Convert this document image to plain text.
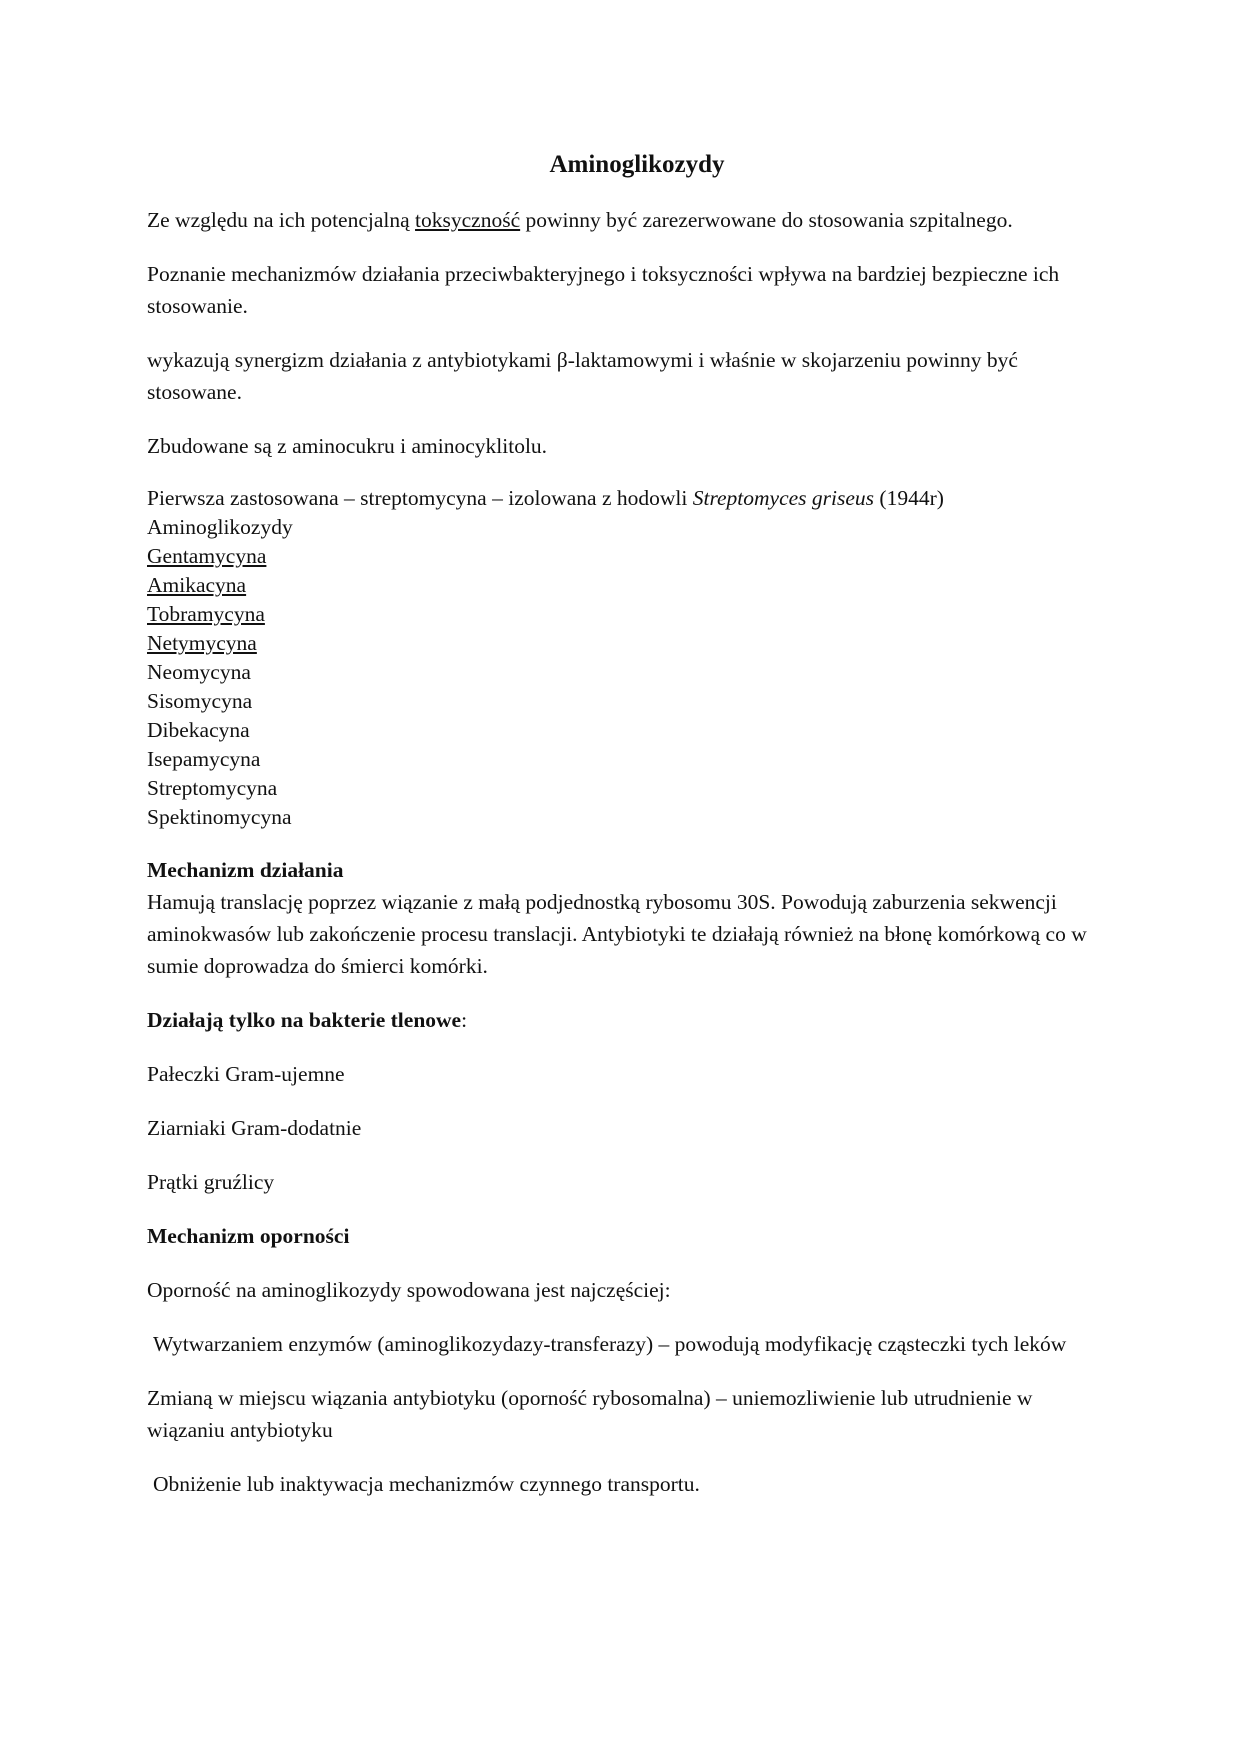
Aminoglikozydy

Ze względu na ich potencjalną toksyczność powinny być zarezerwowane do stosowania szpitalnego.

Poznanie mechanizmów działania przeciwbakteryjnego i toksyczności wpływa na bardziej bezpieczne ich stosowanie.

wykazują synergizm działania z antybiotykami β-laktamowymi i właśnie w skojarzeniu powinny być stosowane.

Zbudowane są z aminocukru i aminocyklitolu.

Pierwsza zastosowana – streptomycyna – izolowana z hodowli Streptomyces griseus (1944r)
Aminoglikozydy
Gentamycyna
Amikacyna
Tobramycyna
Netymycyna
Neomycyna
Sisomycyna
Dibekacyna
Isepamycyna
Streptomycyna
Spektinomycyna
Mechanizm działania

Hamują translację poprzez wiązanie z małą podjednostką rybosomu 30S. Powodują zaburzenia sekwencji aminokwasów lub zakończenie procesu translacji. Antybiotyki te działają również na błonę komórkową co w sumie doprowadza do śmierci komórki.

Działają tylko na bakterie tlenowe:

Pałeczki Gram-ujemne

Ziarniaki Gram-dodatnie

Prątki gruźlicy

Mechanizm oporności

Oporność na aminoglikozydy spowodowana jest najczęściej:

Wytwarzaniem enzymów (aminoglikozydazy-transferazy) – powodują modyfikację cząsteczki tych leków

Zmianą w miejscu wiązania antybiotyku (oporność rybosomalna) – uniemozliwienie lub utrudnienie w wiązaniu antybiotyku

Obniżenie lub inaktywacja mechanizmów czynnego transportu.
